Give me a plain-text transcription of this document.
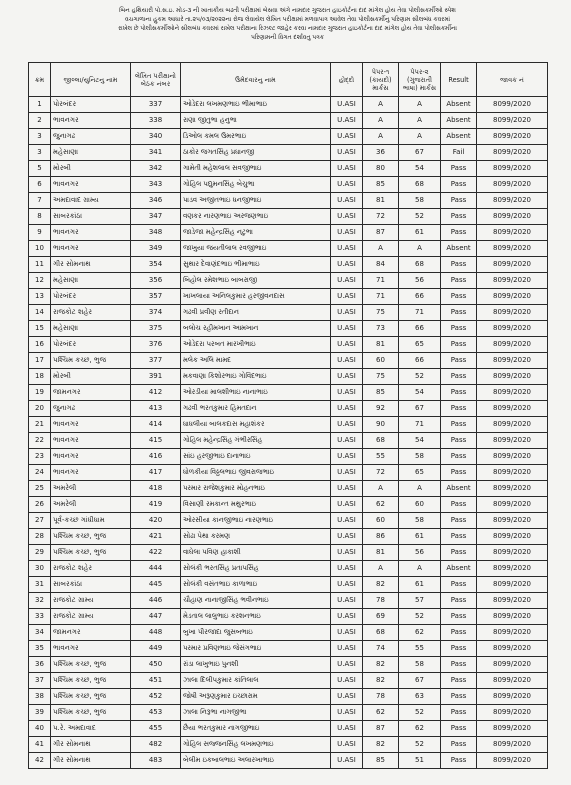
બિન હથિયારી પો.સ.ઇ. મોડ-૩ ની ખાતાકીય બઢતી પરીક્ષામાં બેસવા અંગે નામદાર ગુજરાત હાઇકોર્ટના દાદ માંગેલ હોય તેવા પોલીસકર્મીઓ સ્પેશ
વચગાળાના હુકમ આધારે તા.૨૫/૦૩/૨૦૨૨ના રોજ લેવાયેલ લેખિત પરીક્ષામાં મળવાપાત્ર આવેલ તેવા પોલીસકર્મીનુ પરિણામ સીલબંધ કવરમાં
રાખેલ છે પોલીસકર્મીઓને સીલબંધ કવરમાં રાખેલ પરીક્ષાના રિઝલ્ટ જાહેર કરવા નામદાર ગુજરાત હાઇકોર્ટના દાદ માંગેલ હોય તેવા પોલીસકર્મીના
પરિણામની વિગત દર્શાવતુ પત્રક
ક્રમ	જીલ્લા/યુનિટનુ નામ	લેખિત પરીક્ષાનો બેઠક નંબર	ઉમેદવારનુ નામ	હોદ્દો	પેપર-૧ (કાયદો) માર્કસ	પેપર-૨ (ગુજરાતી ભાષા) માર્કસ	Result	જાવક નં
1	પોરબંદર	337	ઓડેદરા લખમણભાઇ ભીમાભાઇ	U.ASI	A	A	Absent	8099/2020
2	ભાવનગર	338	રાણા જીતુભા હનુભા	U.ASI	A	A	Absent	8099/2020
3	જુનાગઢ	340	ડિઓલ કમલ ઉમરભાઇ	U.ASI	A	A	Absent	8099/2020
3	મહેસાણા	341	ઠાકોર જગતસિંહ પ્રધાનજી	U.ASI	36	67	Fail	8099/2020
5	મોરબી	342	ગામેતી મહેશલાલ સવજીભાઇ	U.ASI	80	54	Pass	8099/2020
6	ભાવનગર	343	ગોહિલ પદ્યુમનસિંહ બેચુભા	U.ASI	85	68	Pass	8099/2020
7	અમદાવાદ ગ્રામ્ય	346	પાડવ અજીતભાઇ ધનજીભાઇ	U.ASI	81	58	Pass	8099/2020
8	સાબરકાંઠા	347	વણકર નારણભાઇ અરજણભાઇ	U.ASI	72	52	Pass	8099/2020
9	ભાવનગર	348	જાડેજા મહેન્દ્રસિંહ નટુભા	U.ASI	87	61	Pass	8099/2020
10	ભાવનગર	349	જાખુયા જયતીલાલ રવજીભાઇ	U.ASI	A	A	Absent	8099/2020
11	ગીર સોમનાથ	354	સુથાર દેવાણંદભાઇ ભીમાભાઇ	U.ASI	84	68	Pass	8099/2020
12	મહેસાણા	356	બિહોલ રમેશભાઇ બાબરાજી	U.ASI	71	56	Pass	8099/2020
13	પોરબંદર	357	ખાખલાયા અનિલકુમાર હરજીવનદાસ	U.ASI	71	66	Pass	8099/2020
14	રાજકોટ શહેર	374	ગઢવી પ્રવીણ રતીદાન	U.ASI	75	71	Pass	8099/2020
15	મહેસાણા	375	બલોચ રહીમખાન આમખાન	U.ASI	73	66	Pass	8099/2020
16	પોરબંદર	376	ઓડેદરા પરબત મારખીભાઇ	U.ASI	81	65	Pass	8099/2020
17	પશ્ચિમ કચ્છ, ભુજ	377	મલેક અલિ મામદ	U.ASI	60	66	Pass	8099/2020
18	મોરબી	391	મકવાણા કિશોરભાઇ ગોવિંદભાઇ	U.ASI	75	52	Pass	8099/2020
19	જામનગર	412	ઓરડીયા માલશીભાઇ નાનાભાઇ	U.ASI	85	54	Pass	8099/2020
20	જુનાગઢ	413	ગઢવી ભરતકુમાર હિમતદાન	U.ASI	92	67	Pass	8099/2020
21	ભાવનગર	414	ધાધલીયા બાલકદાસ મહાશંકર	U.ASI	90	71	Pass	8099/2020
22	ભાવનગર	415	ગોહિલ મહેન્દ્રસિંહ ગંભીરસિંહ	U.ASI	68	54	Pass	8099/2020
23	ભાવનગર	416	સાંઇ હરજીભાઇ દાનાભાઇ	U.ASI	55	58	Pass	8099/2020
24	ભાવનગર	417	ધોળકીયા વિઠ્ઠલભાઇ જીવરાજભાઇ	U.ASI	72	65	Pass	8099/2020
25	અમરેલી	418	પરમાર રાજેશકુમાર મોહનભાઇ	U.ASI	A	A	Absent	8099/2020
26	અમરેલી	419	વિસાણી રમકાન્ત મથુરભાઇ	U.ASI	62	60	Pass	8099/2020
27	પૂર્વ-કચ્છ ગાંધીધામ	420	ઓરસીયા કાનજીભાઇ નારણભાઇ	U.ASI	60	58	Pass	8099/2020
28	પશ્ચિમ કચ્છ, ભુજ	421	સોઢા પેથા કરમણ	U.ASI	86	61	Pass	8099/2020
29	પશ્ચિમ કચ્છ, ભુજ	422	વાઘેલા પવિણ હાકાશી	U.ASI	81	56	Pass	8099/2020
30	રાજકોટ શહેર	444	સોલંકી ભરતસિંહ પ્રતાપસિંહ	U.ASI	A	A	Absent	8099/2020
31	સાબરકાંઠા	445	સોલંકી વસંતભાઇ કાળાભાઇ	U.ASI	82	61	Pass	8099/2020
32	રાજકોટ ગ્રામ્ય	446	ચૌહાણ નાનાજીસિંહ ભવીનભાઇ	U.ASI	78	57	Pass	8099/2020
33	રાજકોટ ગ્રામ્ય	447	મેડતાલ લાલુભાઇ કરશનભાઇ	U.ASI	69	52	Pass	8099/2020
34	જામનગર	448	બુખા પીરજાદા જુસબભાઇ	U.ASI	68	62	Pass	8099/2020
35	ભાવનગર	449	પરમાર પ્રવિણભાઇ જેસંગભાઇ	U.ASI	74	55	Pass	8099/2020
36	પશ્ચિમ કચ્છ, ભુજ	450	રાંડા લાખુભાઇ પુનશી	U.ASI	82	58	Pass	8099/2020
37	પશ્ચિમ કચ્છ, ભુજ	451	ઝાલા દિલીપકુમાર કાંતિલાલ	U.ASI	82	67	Pass	8099/2020
38	પશ્ચિમ કચ્છ, ભુજ	452	જોષી અરૂણકુમાર ઇચ્છારામ	U.ASI	78	63	Pass	8099/2020
39	પશ્ચિમ કચ્છ, ભુજ	453	ઝાલા નિરૂભા નાગજીભા	U.ASI	62	52	Pass	8099/2020
40	પ.રે. અમદાવાદ	455	છૈયા ભરતકુમાર નાગજીભાઇ	U.ASI	87	62	Pass	8099/2020
41	ગીર સોમનાથ	482	ગોહિલ સજ્જનસિંહ લખમણભાઇ	U.ASI	82	52	Pass	8099/2020
42	ગીર સોમનાથ	483	બેલીમ ઇકબાલભાઇ અલારખાભાઇ	U.ASI	85	51	Pass	8099/2020
